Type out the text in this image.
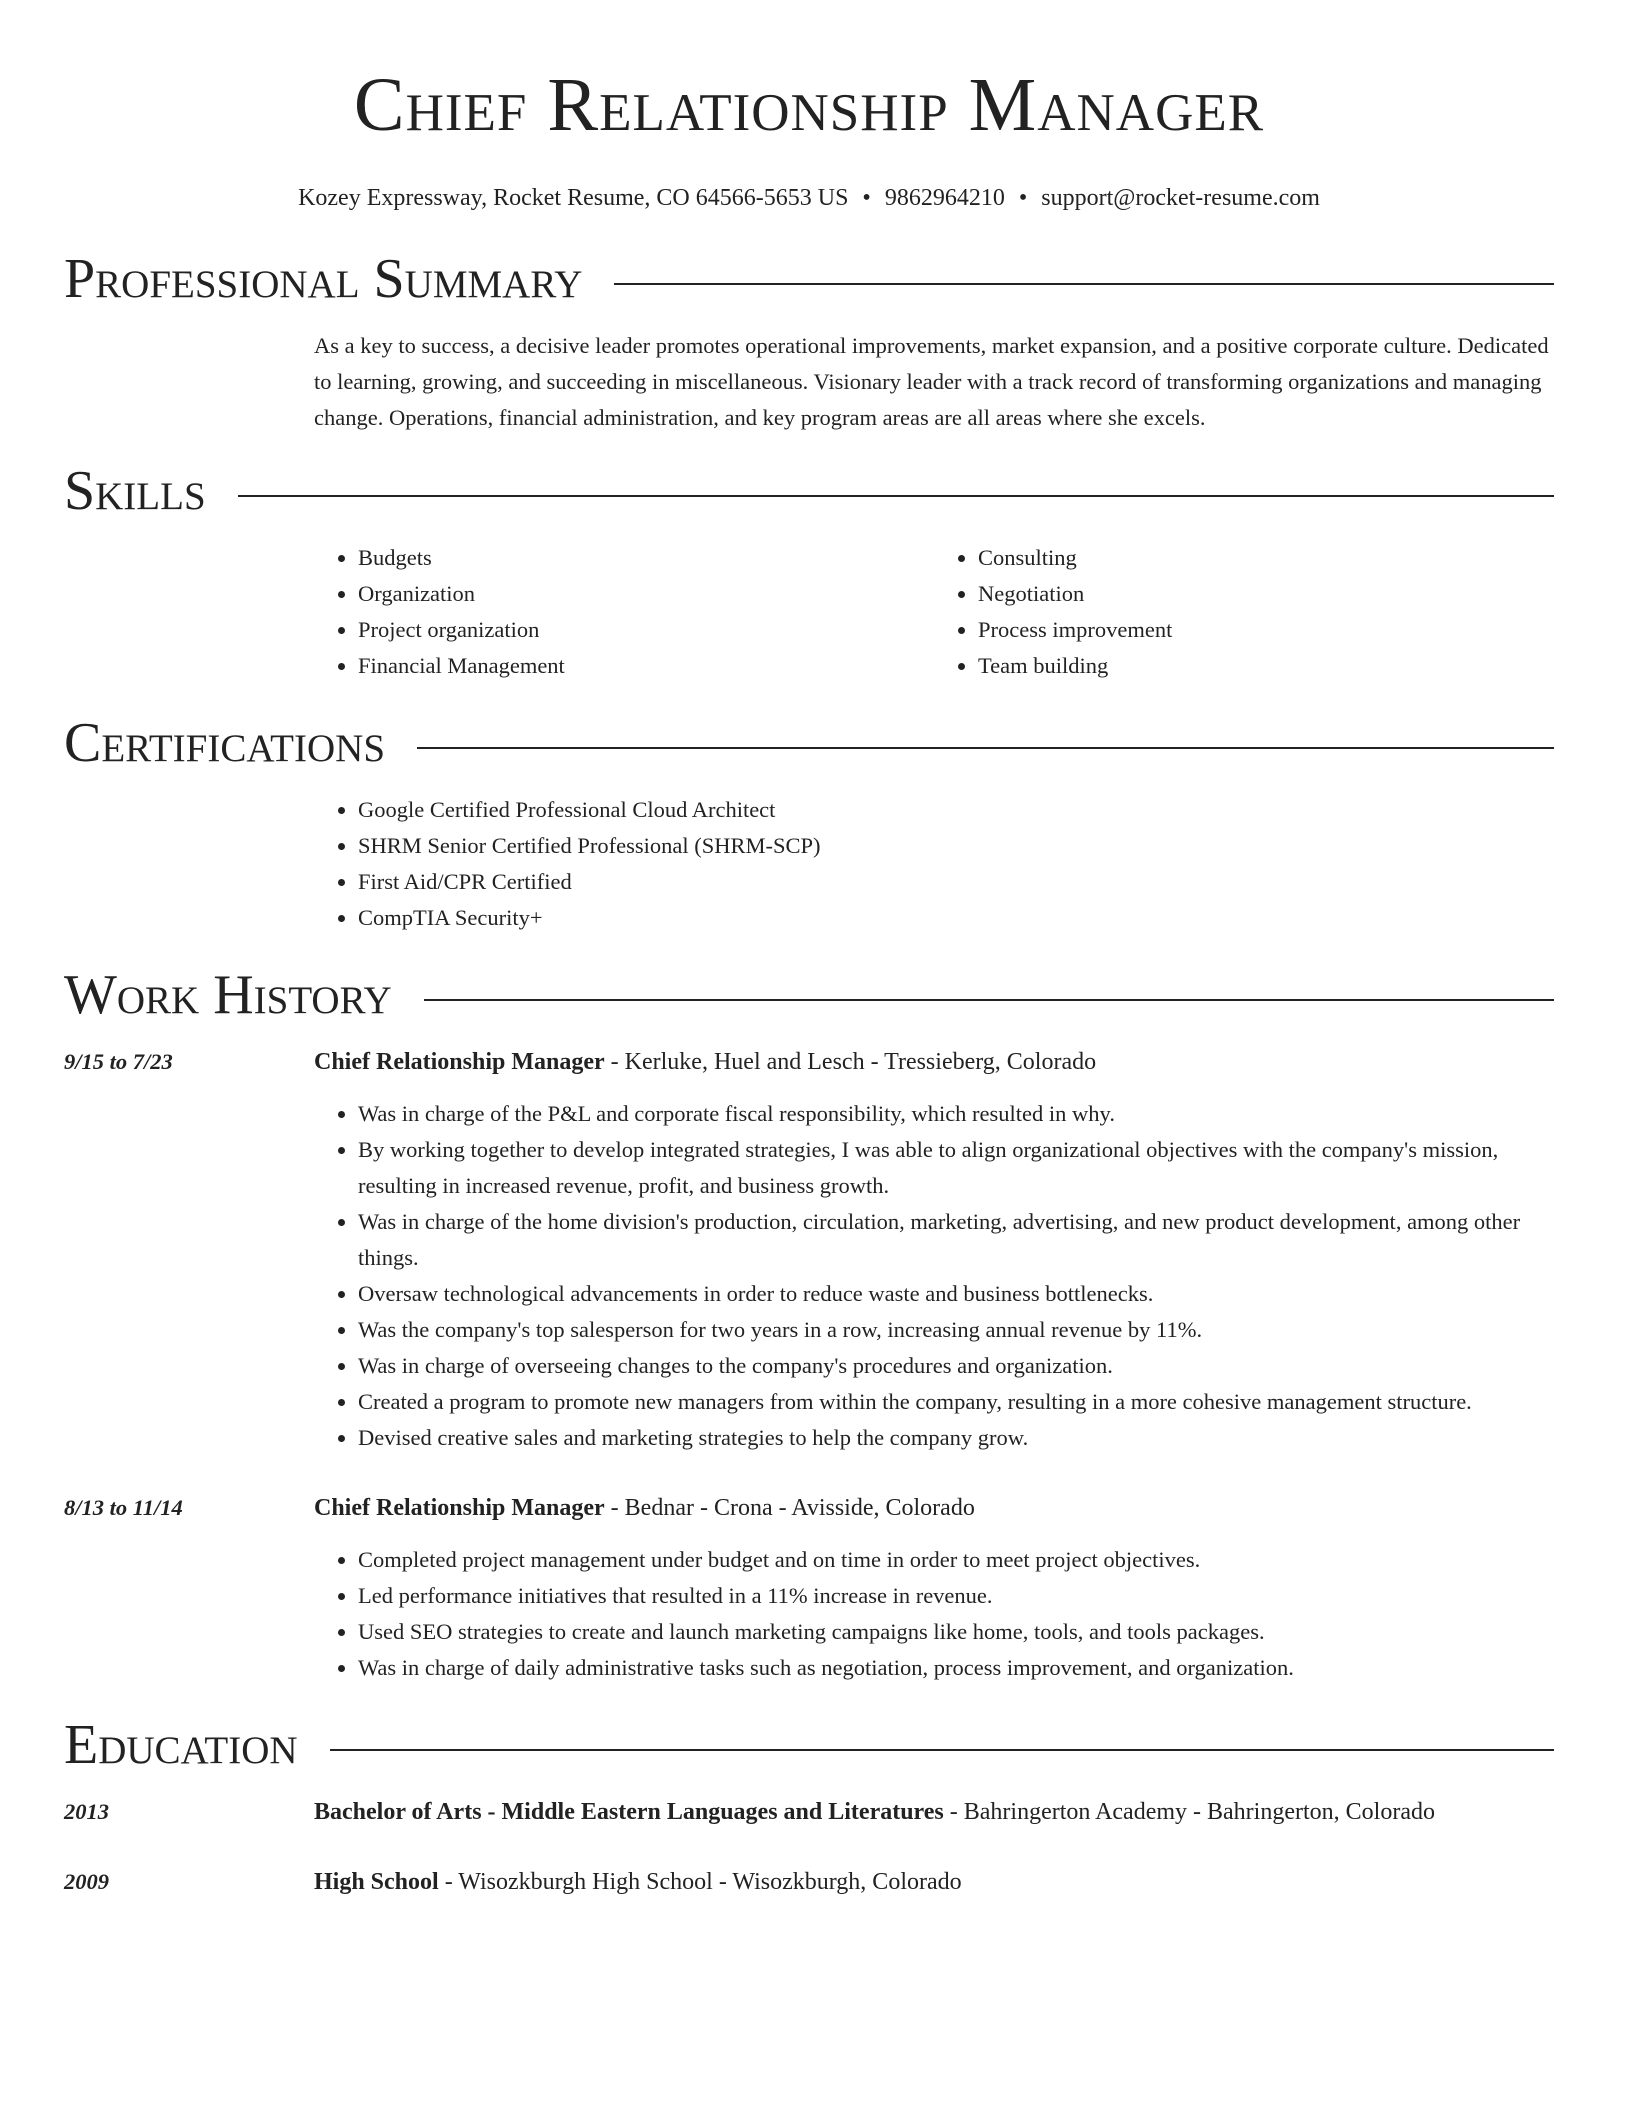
Chief Relationship Manager
Kozey Expressway, Rocket Resume, CO 64566-5653 US • 9862964210 • support@rocket-resume.com
Professional Summary

As a key to success, a decisive leader promotes operational improvements, market expansion, and a positive corporate culture. Dedicated to learning, growing, and succeeding in miscellaneous. Visionary leader with a track record of transforming organizations and managing change. Operations, financial administration, and key program areas are all areas where she excels.

Skills
• Budgets
• Organization
• Project organization
• Financial Management
• Consulting
• Negotiation
• Process improvement
• Team building
Certifications
• Google Certified Professional Cloud Architect
• SHRM Senior Certified Professional (SHRM-SCP)
• First Aid/CPR Certified
• CompTIA Security+
Work History
9/15 to 7/23	Chief Relationship Manager - Kerluke, Huel and Lesch - Tressieberg, Colorado
• Was in charge of the P&L and corporate fiscal responsibility, which resulted in why.
• By working together to develop integrated strategies, I was able to align organizational objectives with the company's mission, resulting in increased revenue, profit, and business growth.
• Was in charge of the home division's production, circulation, marketing, advertising, and new product development, among other things.
• Oversaw technological advancements in order to reduce waste and business bottlenecks.
• Was the company's top salesperson for two years in a row, increasing annual revenue by 11%.
• Was in charge of overseeing changes to the company's procedures and organization.
• Created a program to promote new managers from within the company, resulting in a more cohesive management structure.
• Devised creative sales and marketing strategies to help the company grow.
8/13 to 11/14	Chief Relationship Manager - Bednar - Crona - Avisside, Colorado
• Completed project management under budget and on time in order to meet project objectives.
• Led performance initiatives that resulted in a 11% increase in revenue.
• Used SEO strategies to create and launch marketing campaigns like home, tools, and tools packages.
• Was in charge of daily administrative tasks such as negotiation, process improvement, and organization.
Education
2013	Bachelor of Arts - Middle Eastern Languages and Literatures - Bahringerton Academy - Bahringerton, Colorado
2009	High School - Wisozkburgh High School - Wisozkburgh, Colorado
